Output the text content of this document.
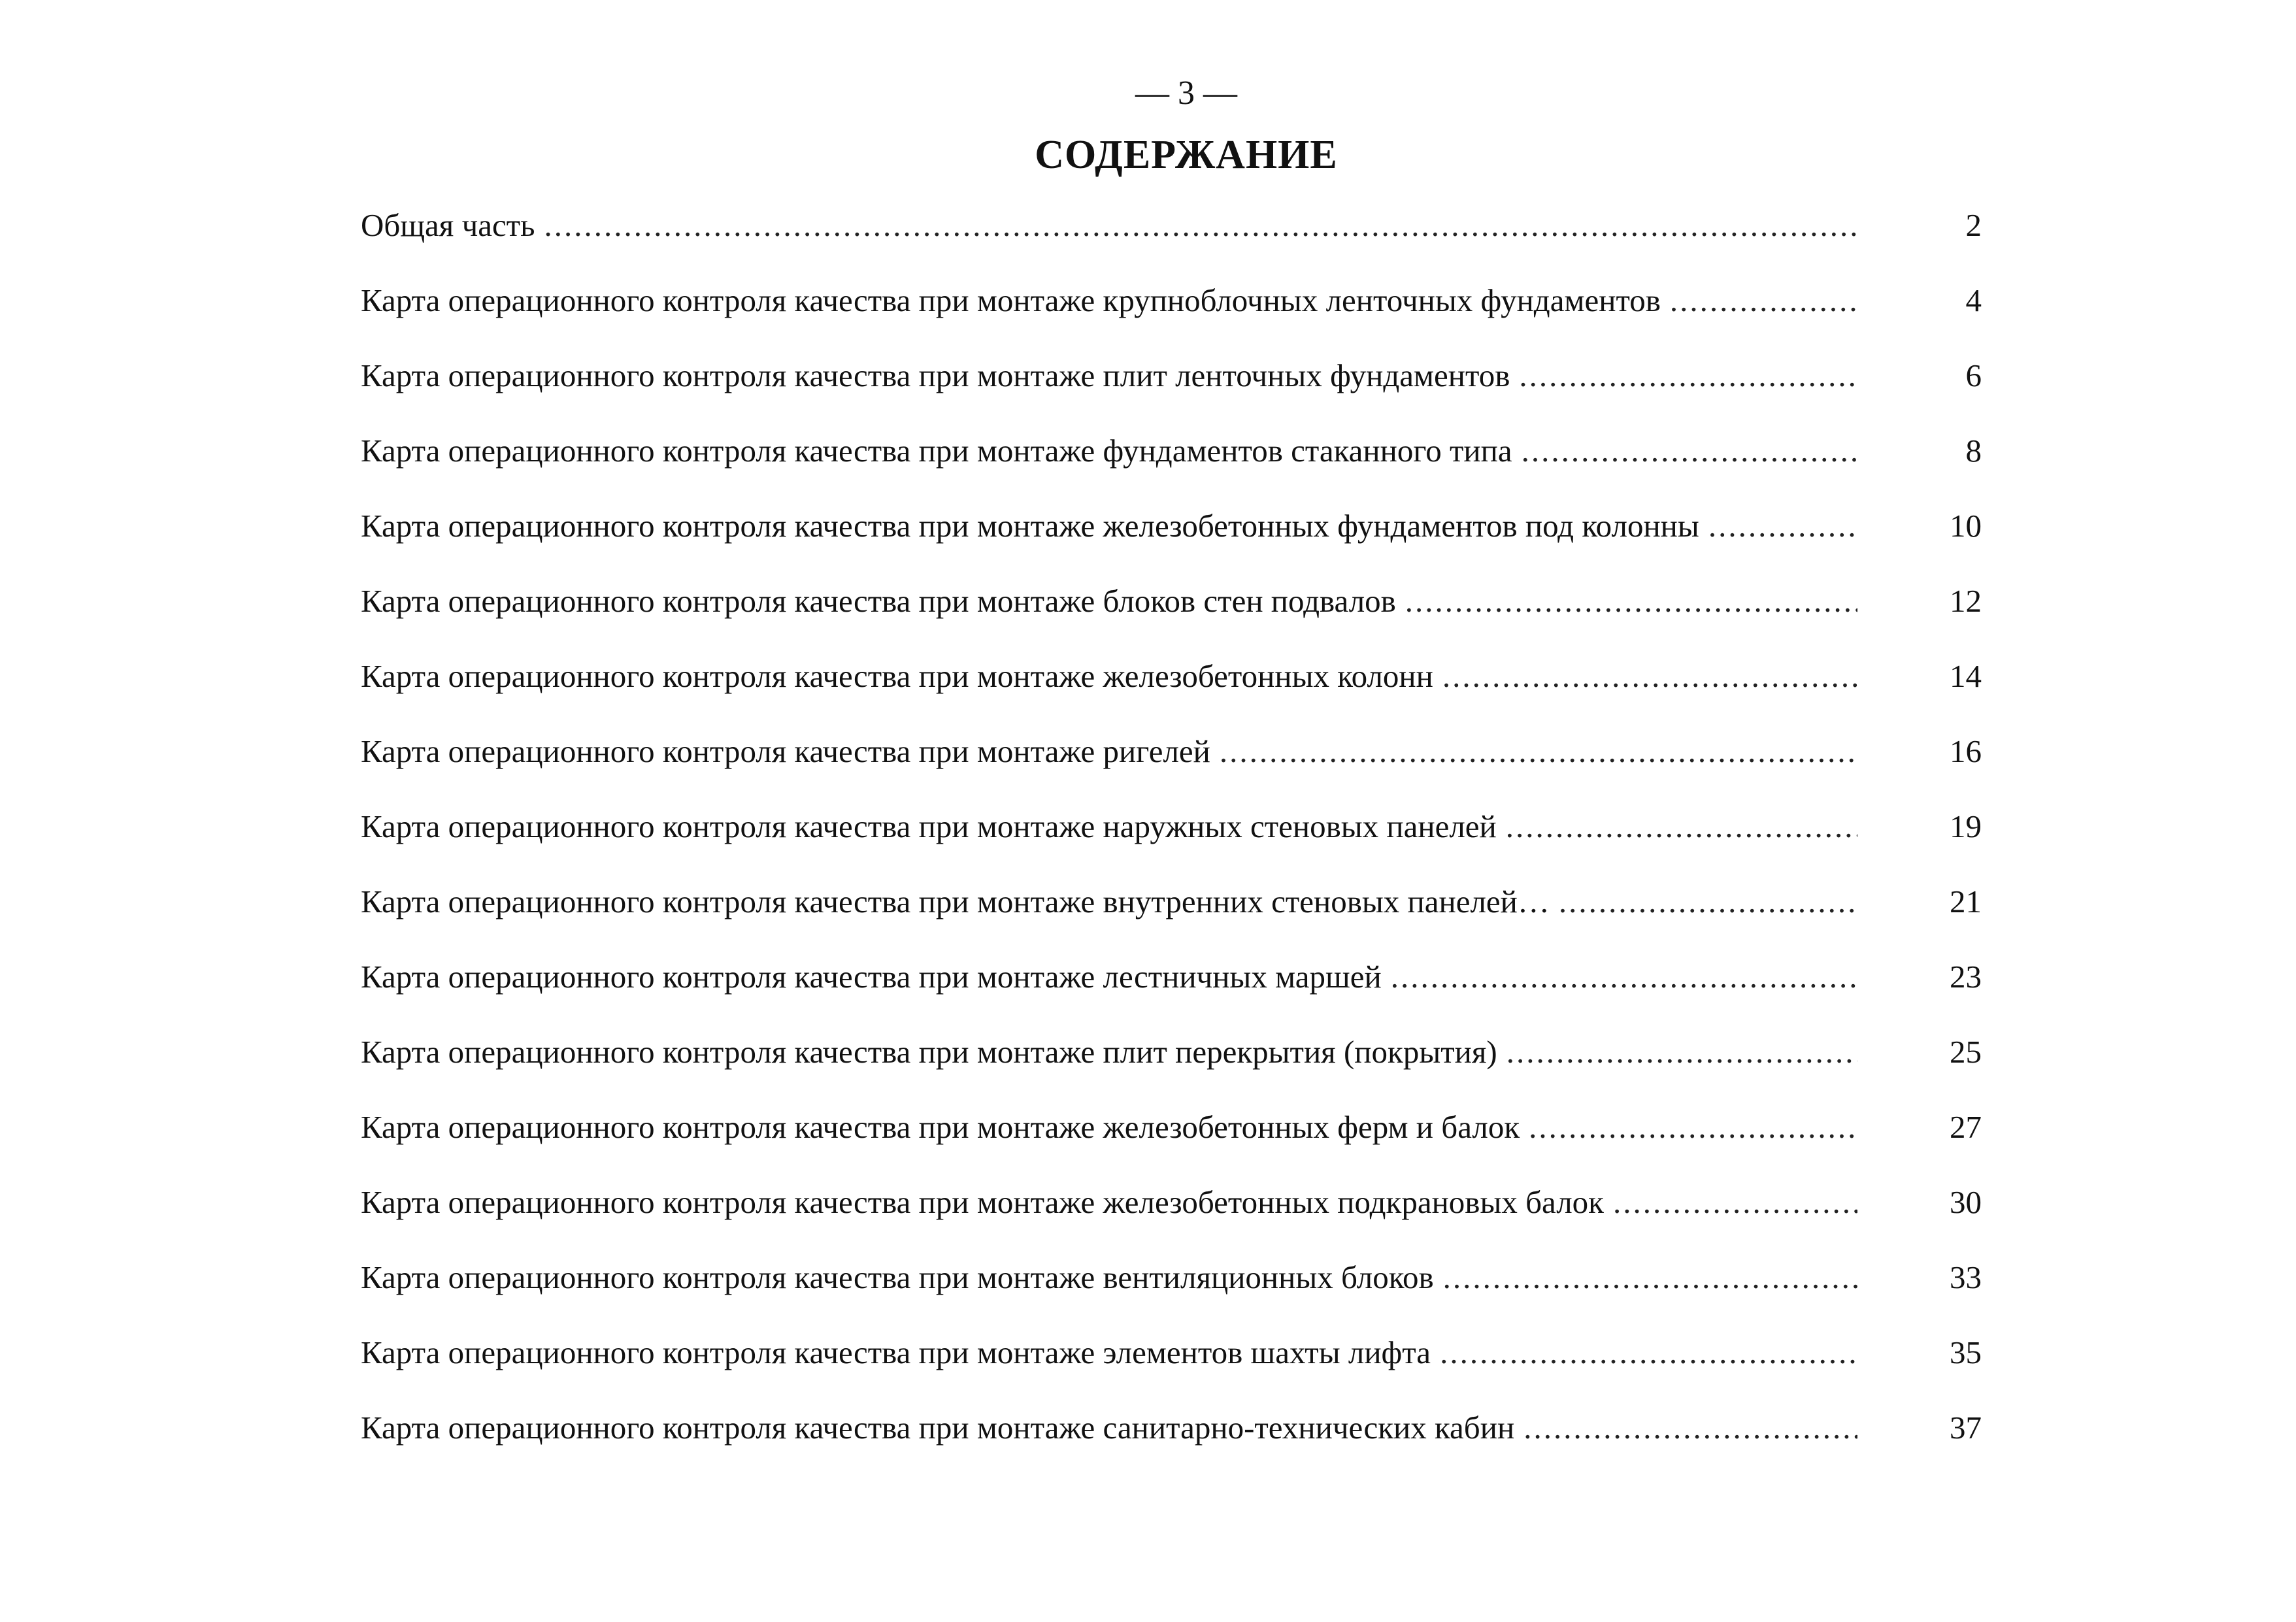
— 3 —
СОДЕРЖАНИЕ
Общая часть .....	2
Карта операционного контроля качества при монтаже крупноблочных ленточных фундаментов .....	4
Карта операционного контроля качества при монтаже плит ленточных фундаментов .....	6
Карта операционного контроля качества при монтаже фундаментов стаканного типа .....	8
Карта операционного контроля качества при монтаже железобетонных фундаментов под колонны .....	10
Карта операционного контроля качества при монтаже блоков стен подвалов .....	12
Карта операционного контроля качества при монтаже железобетонных колонн .....	14
Карта операционного контроля качества при монтаже ригелей .....	16
Карта операционного контроля качества при монтаже наружных стеновых панелей .....	19
Карта операционного контроля качества при монтаже внутренних стеновых панелей… .....	21
Карта операционного контроля качества при монтаже лестничных маршей .....	23
Карта операционного контроля качества при монтаже плит перекрытия (покрытия) .....	25
Карта операционного контроля качества при монтаже железобетонных ферм и балок .....	27
Карта операционного контроля качества при монтаже железобетонных подкрановых балок .....	30
Карта операционного контроля качества при монтаже вентиляционных блоков .....	33
Карта операционного контроля качества при монтаже элементов шахты лифта .....	35
Карта операционного контроля качества при монтаже санитарно-технических кабин .....	37
